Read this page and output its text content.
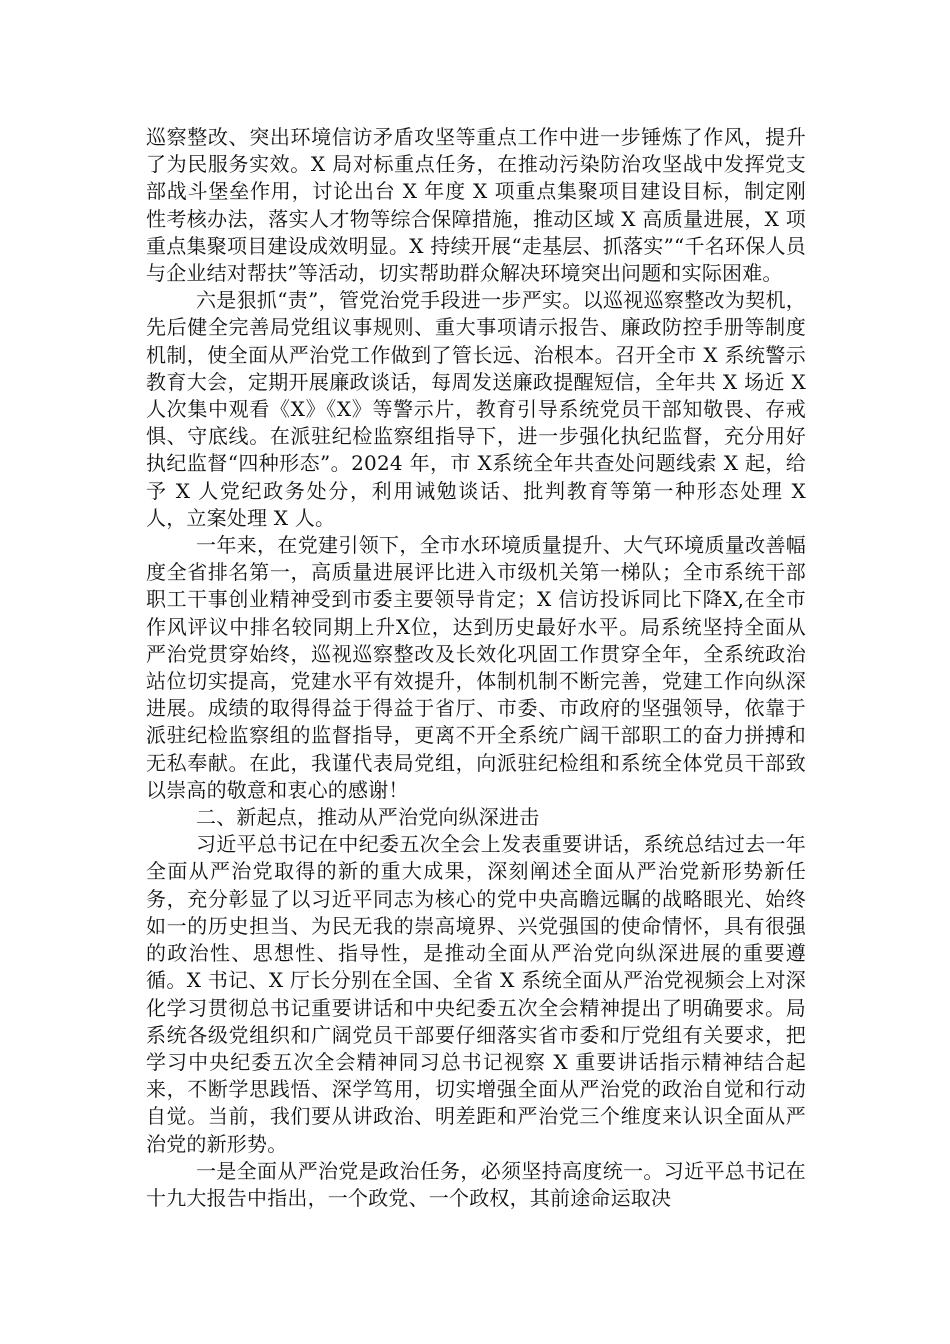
巡察整改、突出环境信访矛盾攻坚等重点工作中进一步锤炼了作风，提升了为民服务实效。X 局对标重点任务，在推动污染防治攻坚战中发挥党支部战斗堡垒作用，讨论出台 X 年度 X 项重点集聚项目建设目标，制定刚性考核办法，落实人才物等综合保障措施，推动区域 X 高质量进展，X 项重点集聚项目建设成效明显。X 持续开展“走基层、抓落实”“千名环保人员与企业结对帮扶”等活动，切实帮助群众解决环境突出问题和实际困难。

六是狠抓“责”，管党治党手段进一步严实。以巡视巡察整改为契机，先后健全完善局党组议事规则、重大事项请示报告、廉政防控手册等制度机制，使全面从严治党工作做到了管长远、治根本。召开全市 X 系统警示教育大会，定期开展廉政谈话，每周发送廉政提醒短信，全年共 X 场近 X 人次集中观看《X》《X》等警示片，教育引导系统党员干部知敬畏、存戒惧、守底线。在派驻纪检监察组指导下，进一步强化执纪监督，充分用好执纪监督“四种形态”。2024 年，市 X系统全年共查处问题线索 X 起，给予 X 人党纪政务处分，利用诫勉谈话、批判教育等第一种形态处理 X 人，立案处理 X 人。

一年来，在党建引领下，全市水环境质量提升、大气环境质量改善幅度全省排名第一，高质量进展评比进入市级机关第一梯队；全市系统干部职工干事创业精神受到市委主要领导肯定；X 信访投诉同比下降X,在全市作风评议中排名较同期上升X位，达到历史最好水平。局系统坚持全面从严治党贯穿始终，巡视巡察整改及长效化巩固工作贯穿全年，全系统政治站位切实提高，党建水平有效提升，体制机制不断完善，党建工作向纵深进展。成绩的取得得益于得益于省厅、市委、市政府的坚强领导，依靠于派驻纪检监察组的监督指导，更离不开全系统广阔干部职工的奋力拼搏和无私奉献。在此，我谨代表局党组，向派驻纪检组和系统全体党员干部致以崇高的敬意和衷心的感谢！

二、新起点，推动从严治党向纵深进击

习近平总书记在中纪委五次全会上发表重要讲话，系统总结过去一年全面从严治党取得的新的重大成果，深刻阐述全面从严治党新形势新任务，充分彰显了以习近平同志为核心的党中央高瞻远瞩的战略眼光、始终如一的历史担当、为民无我的崇高境界、兴党强国的使命情怀，具有很强的政治性、思想性、指导性，是推动全面从严治党向纵深进展的重要遵循。X 书记、X 厅长分别在全国、全省 X 系统全面从严治党视频会上对深化学习贯彻总书记重要讲话和中央纪委五次全会精神提出了明确要求。局系统各级党组织和广阔党员干部要仔细落实省市委和厅党组有关要求，把学习中央纪委五次全会精神同习总书记视察 X 重要讲话指示精神结合起来，不断学思践悟、深学笃用，切实增强全面从严治党的政治自觉和行动自觉。当前，我们要从讲政治、明差距和严治党三个维度来认识全面从严治党的新形势。

一是全面从严治党是政治任务，必须坚持高度统一。习近平总书记在十九大报告中指出，一个政党、一个政权，其前途命运取决
